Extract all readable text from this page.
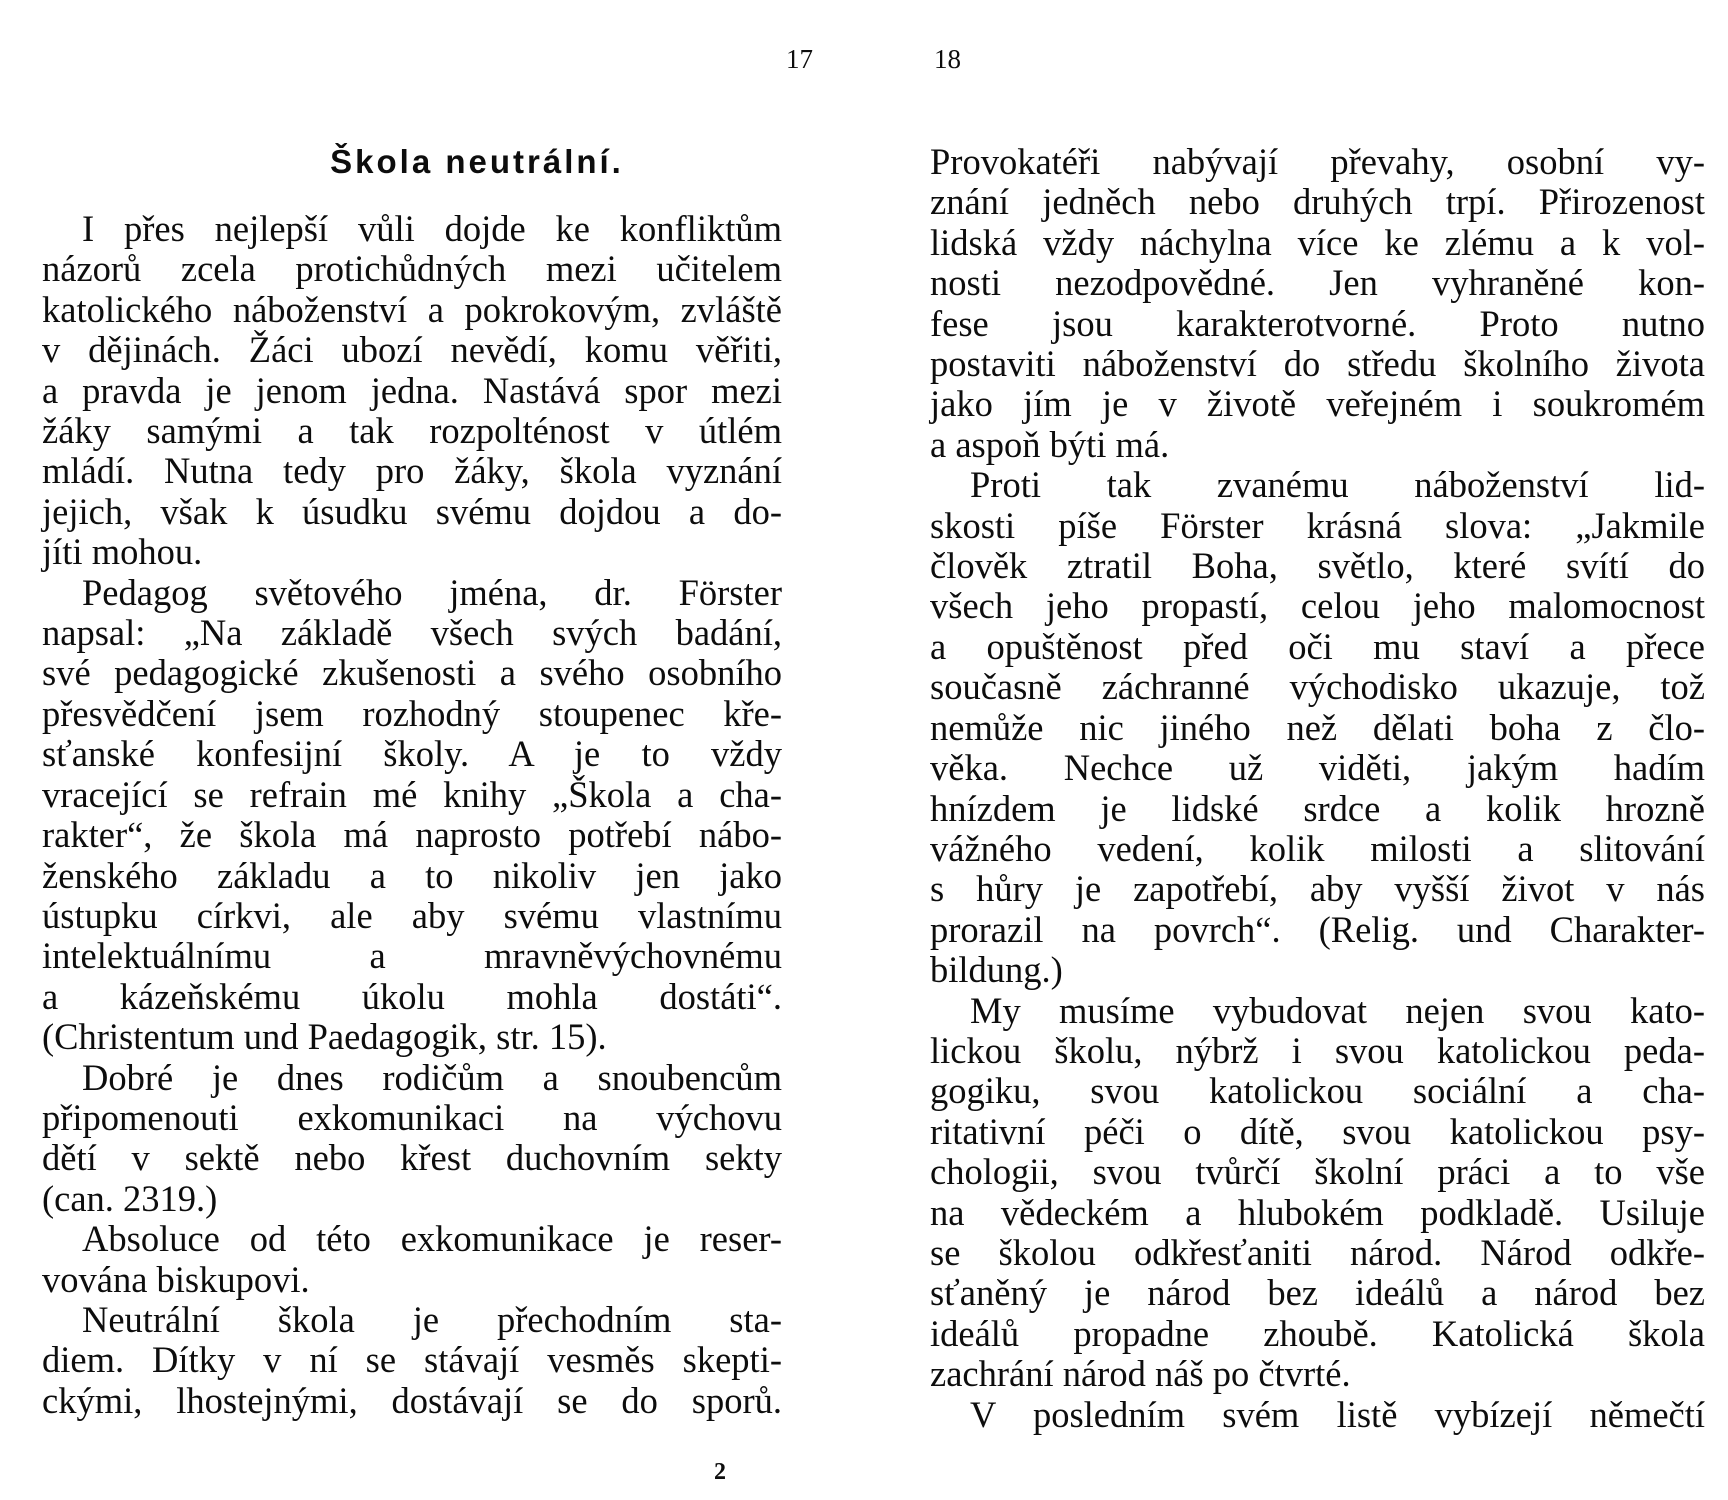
17	18
Škola neutrální.
I přes nejlepší vůli dojde ke konfliktům
názorů zcela protichůdných mezi učitelem
katolického náboženství a pokrokovým, zvláště
v dějinách. Žáci ubozí nevědí, komu věřiti,
a pravda je jenom jedna. Nastává spor mezi
žáky samými a tak rozpolténost v útlém
mládí. Nutna tedy pro žáky, škola vyznání
jejich, však k úsudku svému dojdou a do-
jíti mohou.
Pedagog světového jména, dr. Förster
napsal: „Na základě všech svých badání,
své pedagogické zkušenosti a svého osobního
přesvědčení jsem rozhodný stoupenec kře-
sťanské konfesijní školy. A je to vždy
vracející se refrain mé knihy „Škola a cha-
rakter“, že škola má naprosto potřebí nábo-
ženského základu a to nikoliv jen jako
ústupku církvi, ale aby svému vlastnímu
intelektuálnímu a mravněvýchovnému
a kázeňskému úkolu mohla dostáti“.
(Christentum und Paedagogik, str. 15).
Dobré je dnes rodičům a snoubencům
připomenouti exkomunikaci na výchovu
dětí v sektě nebo křest duchovním sekty
(can. 2319.)
Absoluce od této exkomunikace je reser-
vována biskupovi.
Neutrální škola je přechodním sta-
diem. Dítky v ní se stávají vesměs skepti-
ckými, lhostejnými, dostávají se do sporů.
Provokatéři nabývají převahy, osobní vy-
znání jedněch nebo druhých trpí. Přirozenost
lidská vždy náchylna více ke zlému a k vol-
nosti nezodpovědné. Jen vyhraněné kon-
fese jsou karakterotvorné. Proto nutno
postaviti náboženství do středu školního života
jako jím je v životě veřejném i soukromém
a aspoň býti má.
Proti tak zvanému náboženství lid-
skosti píše Förster krásná slova: „Jakmile
člověk ztratil Boha, světlo, které svítí do
všech jeho propastí, celou jeho malomocnost
a opuštěnost před oči mu staví a přece
současně záchranné východisko ukazuje, tož
nemůže nic jiného než dělati boha z člo-
věka. Nechce už viděti, jakým hadím
hnízdem je lidské srdce a kolik hrozně
vážného vedení, kolik milosti a slitování
s hůry je zapotřebí, aby vyšší život v nás
prorazil na povrch“. (Relig. und Charakter-
bildung.)
My musíme vybudovat nejen svou kato-
lickou školu, nýbrž i svou katolickou peda-
gogiku, svou katolickou sociální a cha-
ritativní péči o dítě, svou katolickou psy-
chologii, svou tvůrčí školní práci a to vše
na vědeckém a hlubokém podkladě. Usiluje
se školou odkřesťaniti národ. Národ odkře-
sťaněný je národ bez ideálů a národ bez
ideálů propadne zhoubě. Katolická škola
zachrání národ náš po čtvrté.
V posledním svém listě vybízejí němečtí
2
